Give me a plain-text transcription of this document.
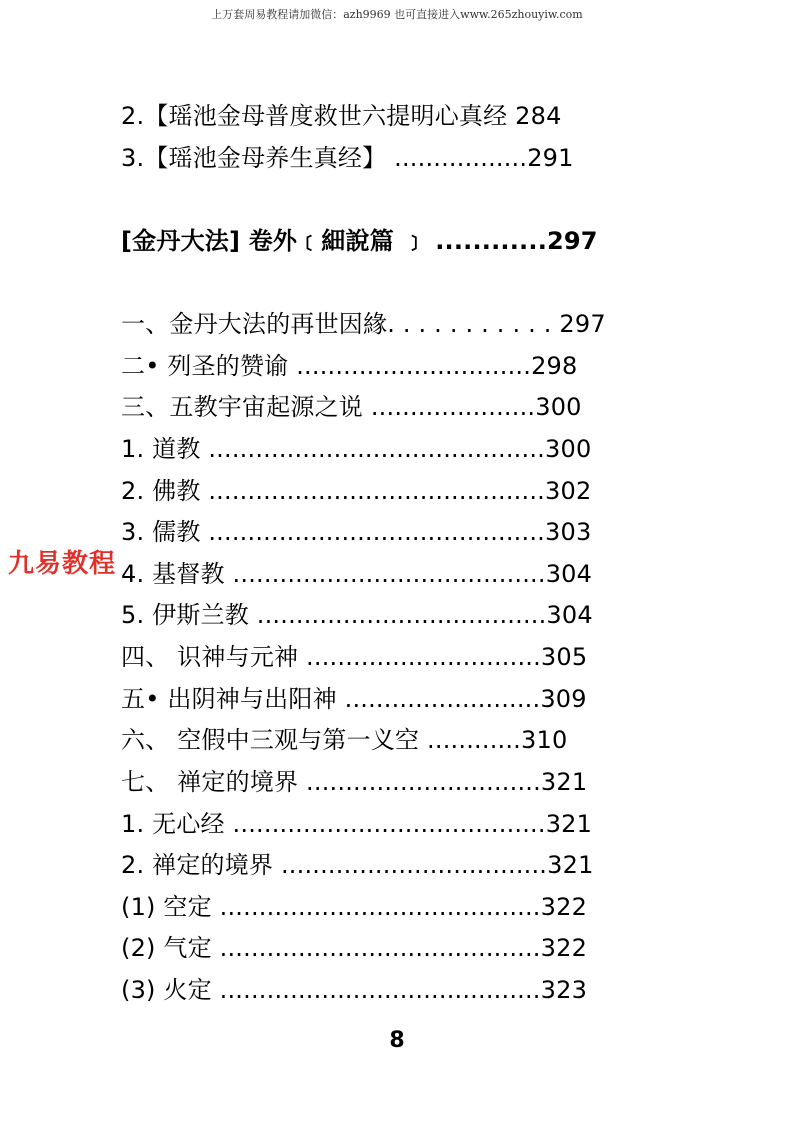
上万套周易教程请加微信：azh9969 也可直接进入www.265zhouyiw.com
2.【瑶池金母普度救世六提明心真经 284
3.【瑶池金母养生真经】 .................291
[金丹大法] 卷外﹝細說篇 ﹞ ............297
一、金丹大法的再世因緣. . . . . . . . . . . 297
二• 列圣的赞谕 ..............................298
三、五教宇宙起源之说 .....................300
1. 道教 ...........................................300
2. 佛教 ...........................................302
3. 儒教 ...........................................303
4. 基督教 ........................................304
5. 伊斯兰教 .....................................304
四、 识神与元神 ..............................305
五• 出阴神与出阳神 .........................309
六、 空假中三观与第一义空 ............310
七、 禅定的境界 ..............................321
1. 无心经 ........................................321
2. 禅定的境界 ..................................321
(1) 空定 .........................................322
(2) 气定 .........................................322
(3) 火定 .........................................323
九易教程
8
